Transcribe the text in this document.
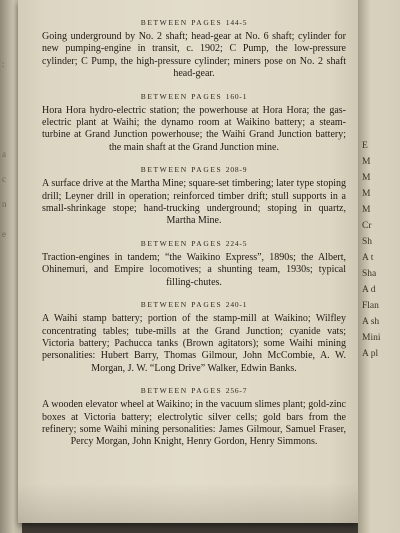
:
a
c
n
e
BETWEEN PAGES 144-5

Going underground by No. 2 shaft; head-gear at No. 6 shaft; cylinder for new pumping-engine in transit, c. 1902; C Pump, the low-pressure cylinder; C Pump, the high-pressure cylinder; miners pose on No. 2 shaft head-gear.

BETWEEN PAGES 160-1

Hora Hora hydro-electric station; the powerhouse at Hora Hora; the gas-electric plant at Waihi; the dynamo room at Waikino battery; a steam-turbine at Grand Junction powerhouse; the Waihi Grand Junction battery; the main shaft at the Grand Junction mine.

BETWEEN PAGES 208-9

A surface drive at the Martha Mine; square-set timbering; later type stoping drill; Leyner drill in operation; reinforced timber drift; stull supports in a small-shrinkage stope; hand-trucking underground; stoping in quartz, Martha Mine.

BETWEEN PAGES 224-5

Traction-engines in tandem; “the Waikino Express”, 1890s; the Albert, Ohinemuri, and Empire locomotives; a shunting team, 1930s; typical filling-chutes.

BETWEEN PAGES 240-1

A Waihi stamp battery; portion of the stamp-mill at Waikino; Wilfley concentrating tables; tube-mills at the Grand Junction; cyanide vats; Victoria battery; Pachucca tanks (Brown agitators); some Waihi mining personalities: Hubert Barry, Thomas Gilmour, John McCombie, A. W. Morgan, J. W. “Long Drive” Walker, Edwin Banks.

BETWEEN PAGES 256-7

A wooden elevator wheel at Waikino; in the vacuum slimes plant; gold-zinc boxes at Victoria battery; electrolytic silver cells; gold bars from the refinery; some Waihi mining personalities: James Gilmour, Samuel Fraser, Percy Morgan, John Knight, Henry Gordon, Henry Simmons.

E
M
M
M
M
Cr
Sh
A t
Sha
A d
Flan
A sh
Mini
A pl
